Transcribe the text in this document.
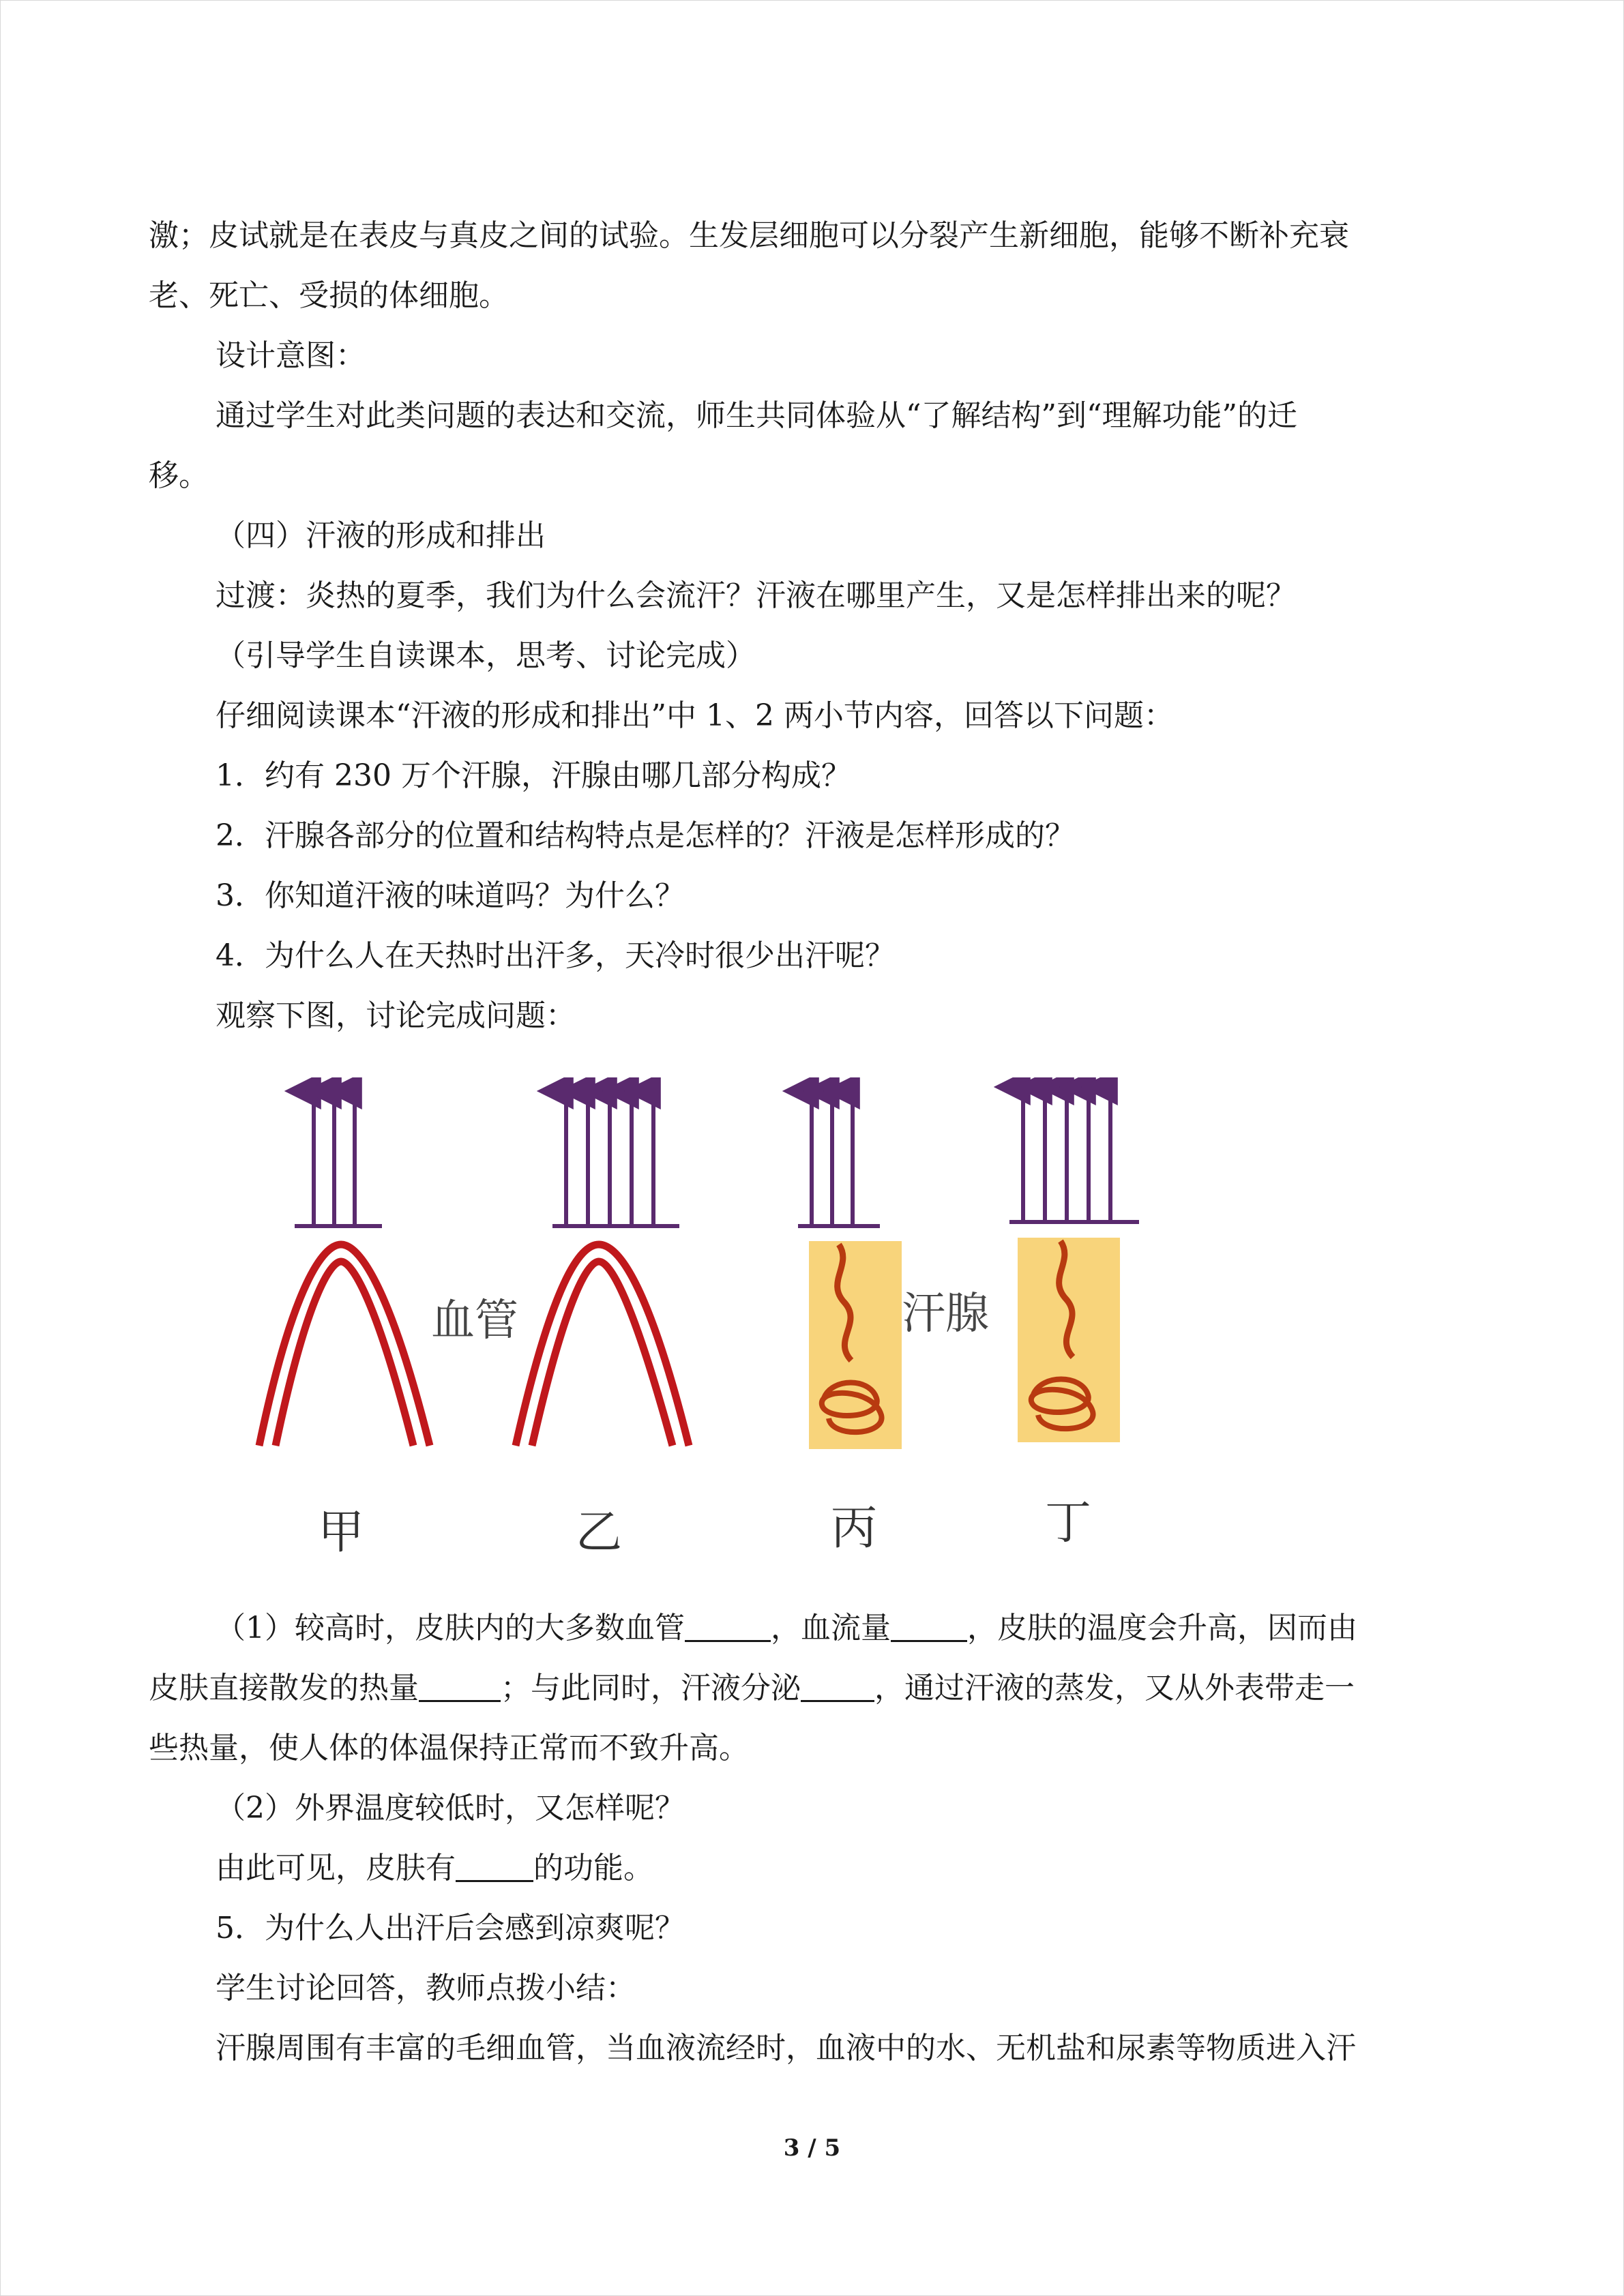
激；皮试就是在表皮与真皮之间的试验。生发层细胞可以分裂产生新细胞，能够不断补充衰

老、死亡、受损的体细胞。

设计意图：

通过学生对此类问题的表达和交流，师生共同体验从“了解结构”到“理解功能”的迁

移。

（四）汗液的形成和排出

过渡：炎热的夏季，我们为什么会流汗？汗液在哪里产生，又是怎样排出来的呢？

（引导学生自读课本，思考、讨论完成）

仔细阅读课本“汗液的形成和排出”中 1、2 两小节内容，回答以下问题：

1．约有 230 万个汗腺，汗腺由哪几部分构成？

2．汗腺各部分的位置和结构特点是怎样的？汗液是怎样形成的？

3．你知道汗液的味道吗？为什么？

4．为什么人在天热时出汗多，天冷时很少出汗呢？

观察下图，讨论完成问题：

（1）较高时，皮肤内的大多数血管	，血流量	，皮肤的温度会升高，因而由

皮肤直接散发的热量	；与此同时，汗液分泌 ，通过汗液的蒸发，又从外表带走一

些热量，使人体的体温保持正常而不致升高。

（2）外界温度较低时，又怎样呢？

由此可见，皮肤有	的功能。

5．为什么人出汗后会感到凉爽呢？

学生讨论回答，教师点拨小结：

汗腺周围有丰富的毛细血管，当血液流经时，血液中的水、无机盐和尿素等物质进入汗

血管	汗腺
甲	乙	丙	丁
3 / 5
